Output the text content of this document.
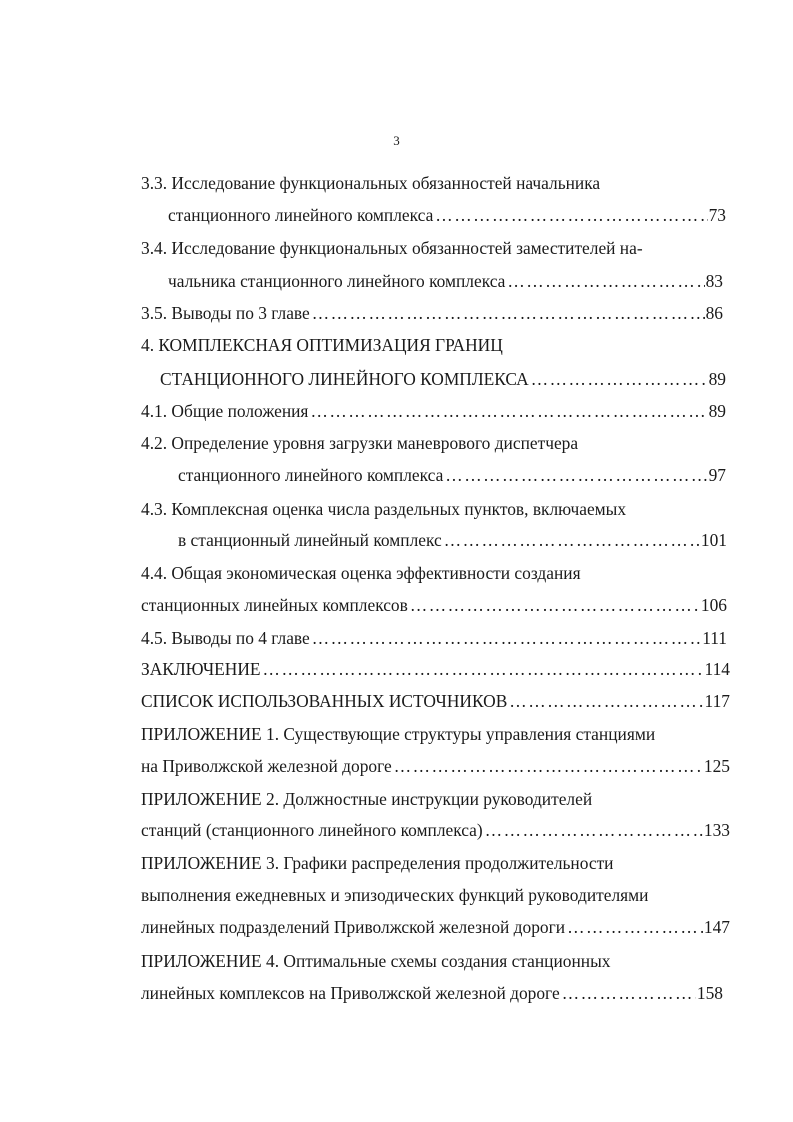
3
3.3. Исследование функциональных обязанностей начальника
станционного линейного комплекса ……………………………………………………………………………………………………………………………………………………………………	73
3.4. Исследование функциональных обязанностей заместителей на-
чальника станционного линейного комплекса ……………………………………………………………………………………………………………………………………………………………………	83
3.5. Выводы по 3 главе ……………………………………………………………………………………………………………………………………………………………………	86
4. КОМПЛЕКСНАЯ ОПТИМИЗАЦИЯ ГРАНИЦ
СТАНЦИОННОГО ЛИНЕЙНОГО КОМПЛЕКСА ……………………………………………………………………………………………………………………………………………………………………	89
4.1. Общие положения ……………………………………………………………………………………………………………………………………………………………………	89
4.2. Определение уровня загрузки маневрового диспетчера
станционного линейного комплекса ……………………………………………………………………………………………………………………………………………………………………	97
4.3. Комплексная оценка числа раздельных пунктов, включаемых
в станционный линейный комплекс ……………………………………………………………………………………………………………………………………………………………………	101
4.4. Общая экономическая оценка эффективности создания
станционных линейных комплексов ……………………………………………………………………………………………………………………………………………………………………	106
4.5. Выводы по 4 главе ……………………………………………………………………………………………………………………………………………………………………	111
ЗАКЛЮЧЕНИЕ ……………………………………………………………………………………………………………………………………………………………………	114
СПИСОК ИСПОЛЬЗОВАННЫХ ИСТОЧНИКОВ ……………………………………………………………………………………………………………………………………………………………………	117
ПРИЛОЖЕНИЕ 1. Существующие структуры управления станциями
на Приволжской железной дороге ……………………………………………………………………………………………………………………………………………………………………	125
ПРИЛОЖЕНИЕ 2. Должностные инструкции руководителей
станций (станционного линейного комплекса) ……………………………………………………………………………………………………………………………………………………………………	133
ПРИЛОЖЕНИЕ 3. Графики распределения продолжительности
выполнения ежедневных и эпизодических функций руководителями
линейных подразделений Приволжской железной дороги ……………………………………………………………………………………………………………………………………………………………………	147
ПРИЛОЖЕНИЕ 4. Оптимальные схемы создания станционных
линейных комплексов на Приволжской железной дороге ……………………………………………………………………………………………………………………………………………………………………	158
